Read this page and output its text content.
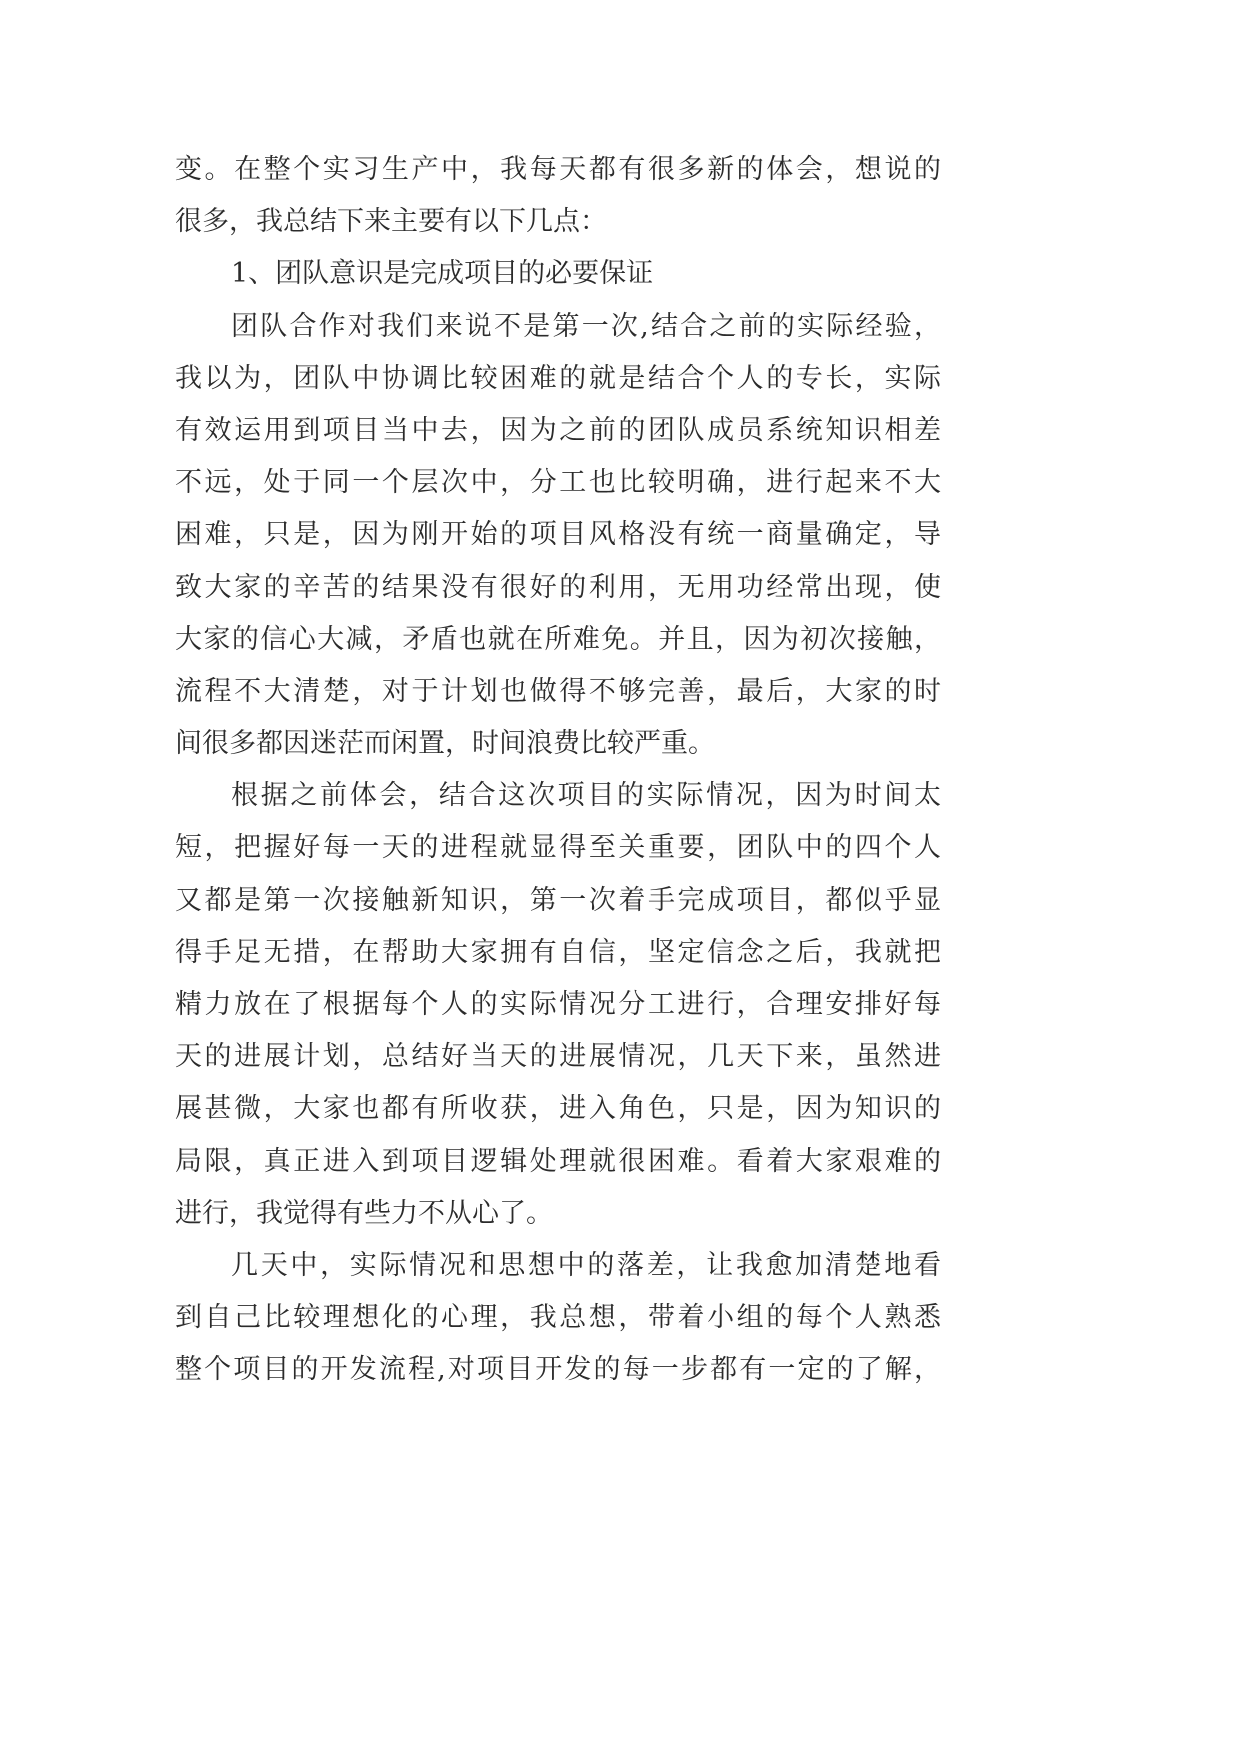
变。在整个实习生产中，我每天都有很多新的体会，想说的
很多，我总结下来主要有以下几点：
1、团队意识是完成项目的必要保证
团队合作对我们来说不是第一次,结合之前的实际经验，
我以为，团队中协调比较困难的就是结合个人的专长，实际
有效运用到项目当中去，因为之前的团队成员系统知识相差
不远，处于同一个层次中，分工也比较明确，进行起来不大
困难，只是，因为刚开始的项目风格没有统一商量确定，导
致大家的辛苦的结果没有很好的利用，无用功经常出现，使
大家的信心大减，矛盾也就在所难免。并且，因为初次接触，
流程不大清楚，对于计划也做得不够完善，最后，大家的时
间很多都因迷茫而闲置，时间浪费比较严重。
根据之前体会，结合这次项目的实际情况，因为时间太
短，把握好每一天的进程就显得至关重要，团队中的四个人
又都是第一次接触新知识，第一次着手完成项目，都似乎显
得手足无措，在帮助大家拥有自信，坚定信念之后，我就把
精力放在了根据每个人的实际情况分工进行，合理安排好每
天的进展计划，总结好当天的进展情况，几天下来，虽然进
展甚微，大家也都有所收获，进入角色，只是，因为知识的
局限，真正进入到项目逻辑处理就很困难。看着大家艰难的
进行，我觉得有些力不从心了。
几天中，实际情况和思想中的落差，让我愈加清楚地看
到自己比较理想化的心理，我总想，带着小组的每个人熟悉
整个项目的开发流程,对项目开发的每一步都有一定的了解，
